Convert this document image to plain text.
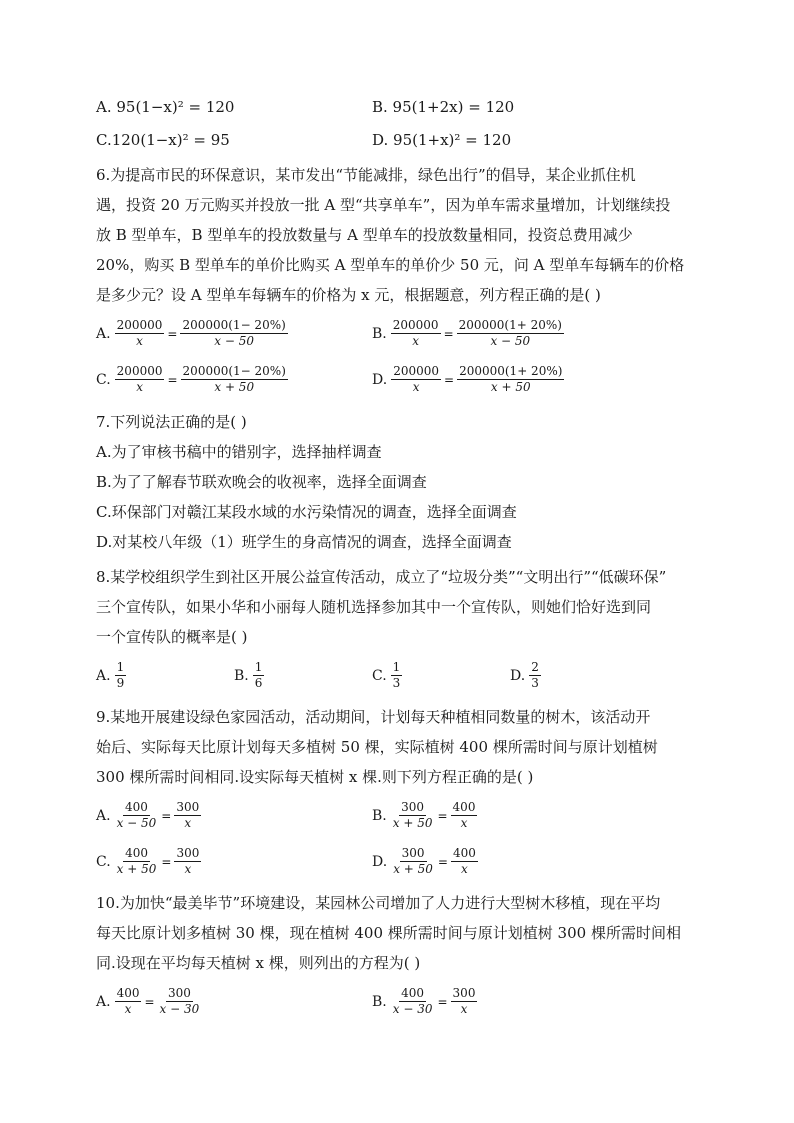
A. 95(1−x)² = 120	B. 95(1+2x) = 120
C.120(1−x)² = 95	D. 95(1+x)² = 120
6.为提高市民的环保意识，某市发出“节能减排，绿色出行”的倡导，某企业抓住机
遇，投资 20 万元购买并投放一批 A 型“共享单车”，因为单车需求量增加，计划继续投
放 B 型单车，B 型单车的投放数量与 A 型单车的投放数量相同，投资总费用减少
20%，购买 B 型单车的单价比购买 A 型单车的单价少 50 元，问 A 型单车每辆车的价格
是多少元？设 A 型单车每辆车的价格为 x 元，根据题意，列方程正确的是( )
A. $\frac{200000}{x} = \frac{200000(1- 20\%)}{x - 50}$	B. $\frac{200000}{x} = \frac{200000(1+ 20\%)}{x - 50}$
C. $\frac{200000}{x} = \frac{200000(1- 20\%)}{x + 50}$	D. $\frac{200000}{x} = \frac{200000(1+ 20\%)}{x + 50}$
7.下列说法正确的是( )
A.为了审核书稿中的错别字，选择抽样调查
B.为了了解春节联欢晚会的收视率，选择全面调查
C.环保部门对赣江某段水域的水污染情况的调查，选择全面调查
D.对某校八年级（1）班学生的身高情况的调查，选择全面调查
8.某学校组织学生到社区开展公益宣传活动，成立了“垃圾分类”“文明出行”“低碳环保”
三个宣传队，如果小华和小丽每人随机选择参加其中一个宣传队，则她们恰好选到同
一个宣传队的概率是( )
A. $\frac{1}{9}$	B. $\frac{1}{6}$	C. $\frac{1}{3}$	D. $\frac{2}{3}$
9.某地开展建设绿色家园活动，活动期间，计划每天种植相同数量的树木，该活动开
始后、实际每天比原计划每天多植树 50 棵，实际植树 400 棵所需时间与原计划植树
300 棵所需时间相同.设实际每天植树 x 棵.则下列方程正确的是( )
A. $\frac{400}{x - 50} = \frac{300}{x}$	B. $\frac{300}{x + 50} = \frac{400}{x}$
C. $\frac{400}{x + 50} = \frac{300}{x}$	D. $\frac{300}{x + 50} = \frac{400}{x}$
10.为加快“最美毕节”环境建设，某园林公司增加了人力进行大型树木移植，现在平均
每天比原计划多植树 30 棵，现在植树 400 棵所需时间与原计划植树 300 棵所需时间相
同.设现在平均每天植树 x 棵，则列出的方程为( )
A. $\frac{400}{x} = \frac{300}{x - 30}$	B. $\frac{400}{x - 30} = \frac{300}{x}$
